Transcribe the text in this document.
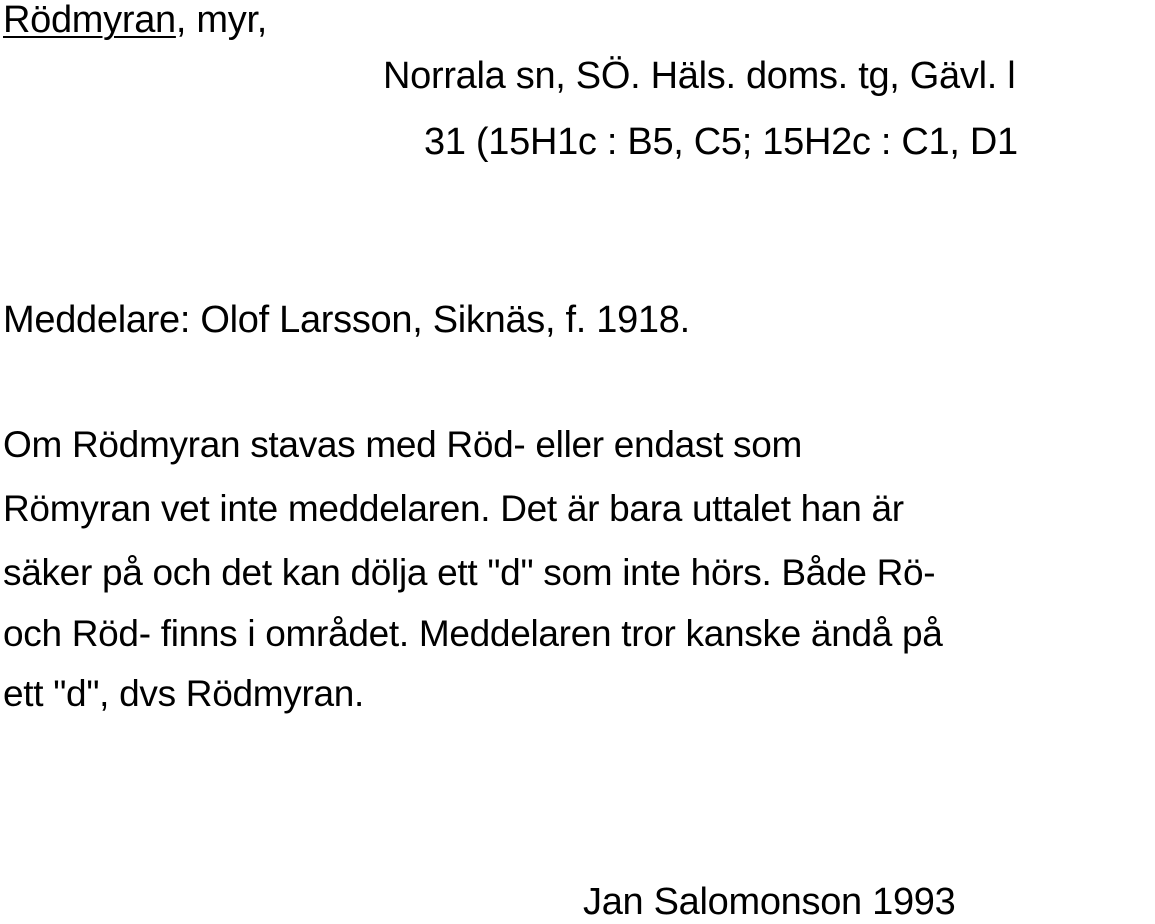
Rödmyran, myr,
Norrala sn, SÖ. Häls. doms. tg, Gävl. l
31 (15H1c : B5, C5; 15H2c : C1, D1
Meddelare: Olof Larsson, Siknäs, f. 1918.
Om Rödmyran stavas med Röd- eller endast som
Römyran vet inte meddelaren. Det är bara uttalet han är
säker på och det kan dölja ett "d" som inte hörs. Både Rö-
och Röd- finns i området. Meddelaren tror kanske ändå på
ett "d", dvs Rödmyran.
Jan Salomonson 1993
